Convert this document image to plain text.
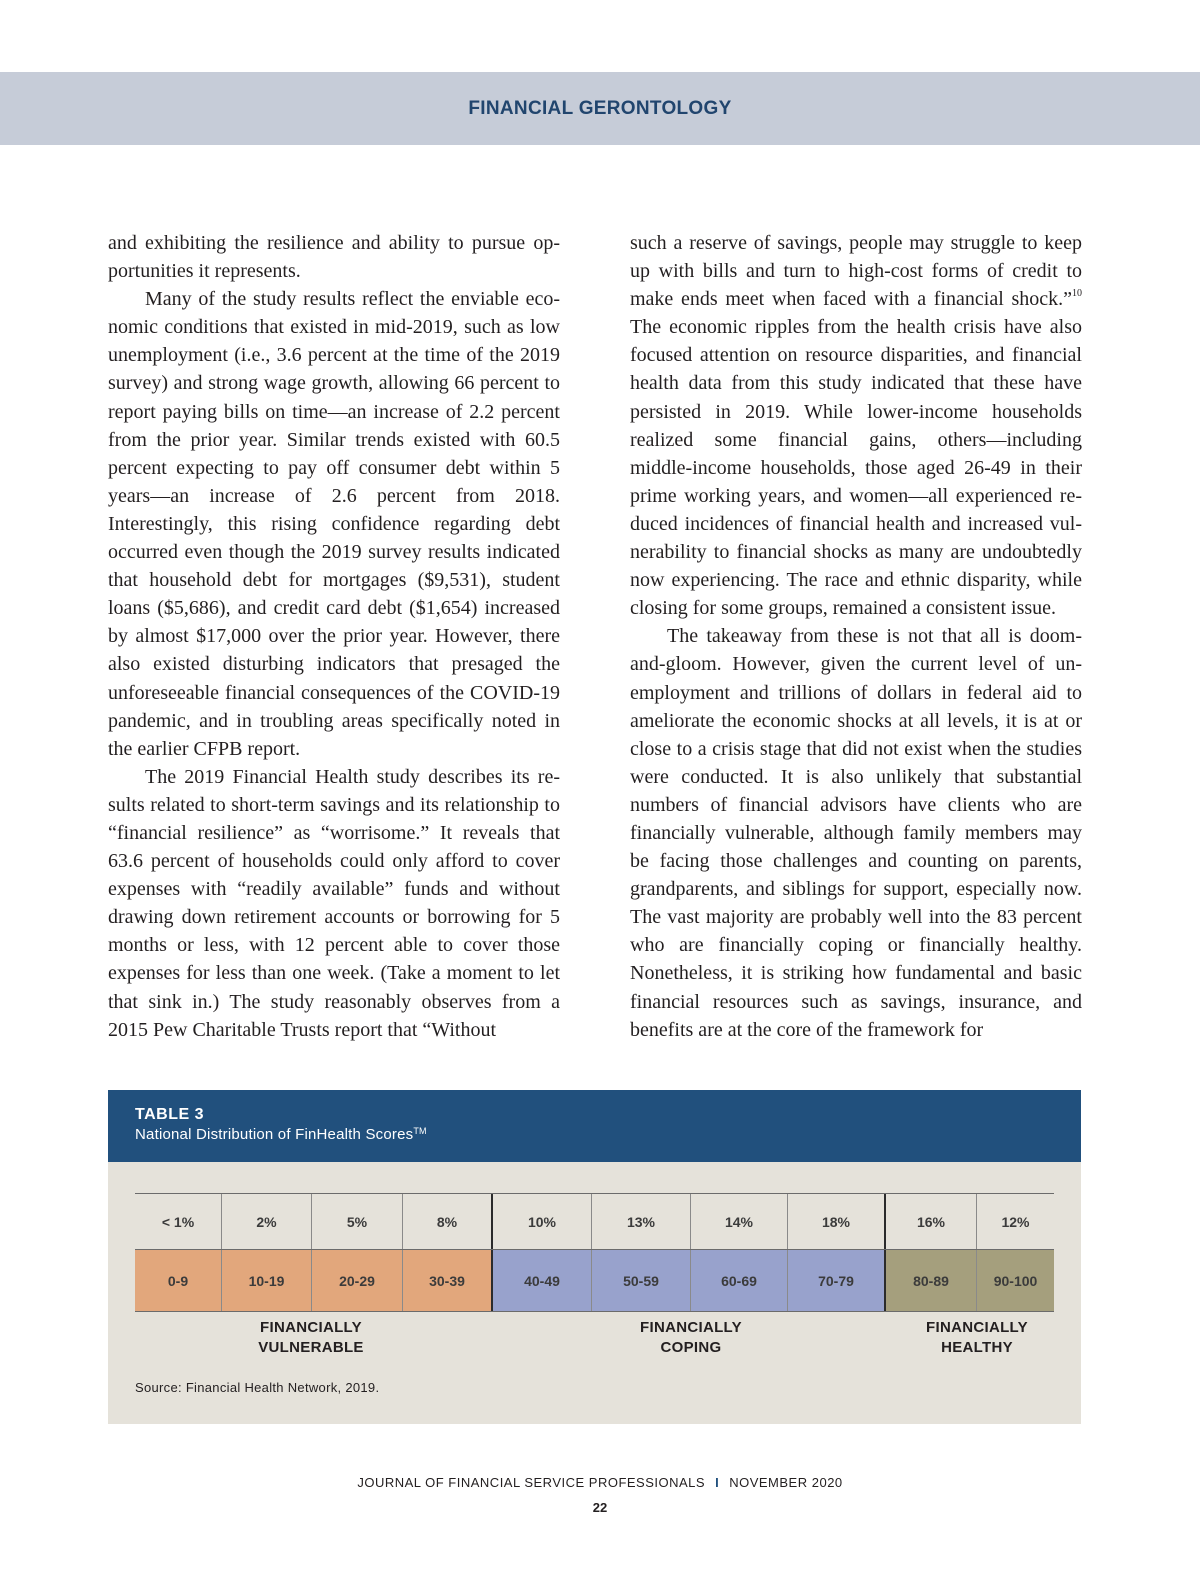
FINANCIAL GERONTOLOGY

and exhibiting the resilience and ability to pursue opportunities it represents.

Many of the study results reflect the enviable economic conditions that existed in mid-2019, such as low unemployment (i.e., 3.6 percent at the time of the 2019 survey) and strong wage growth, allowing 66 percent to report paying bills on time—an increase of 2.2 percent from the prior year. Similar trends existed with 60.5 percent expecting to pay off consumer debt within 5 years—an increase of 2.6 percent from 2018. Interestingly, this rising confidence regarding debt occurred even though the 2019 survey results indicated that household debt for mortgages ($9,531), student loans ($5,686), and credit card debt ($1,654) increased by almost $17,000 over the prior year. However, there also existed disturbing indicators that presaged the unforeseeable financial consequences of the COVID-19 pandemic, and in troubling areas specifically noted in the earlier CFPB report.

The 2019 Financial Health study describes its results related to short-term savings and its relationship to “financial resilience” as “worrisome.” It reveals that 63.6 percent of households could only afford to cover expenses with “readily available” funds and without drawing down retirement accounts or borrowing for 5 months or less, with 12 percent able to cover those expenses for less than one week. (Take a moment to let that sink in.) The study reasonably observes from a 2015 Pew Charitable Trusts report that “Without

such a reserve of savings, people may struggle to keep up with bills and turn to high-cost forms of credit to make ends meet when faced with a financial shock.”$^{10}$ The economic ripples from the health crisis have also focused attention on resource disparities, and financial health data from this study indicated that these have persisted in 2019. While lower-income households realized some financial gains, others—including middle-income households, those aged 26-49 in their prime working years, and women—all experienced reduced incidences of financial health and increased vulnerability to financial shocks as many are undoubtedly now experiencing. The race and ethnic disparity, while closing for some groups, remained a consistent issue.

The takeaway from these is not that all is doom-and-gloom. However, given the current level of unemployment and trillions of dollars in federal aid to ameliorate the economic shocks at all levels, it is at or close to a crisis stage that did not exist when the studies were conducted. It is also unlikely that substantial numbers of financial advisors have clients who are financially vulnerable, although family members may be facing those challenges and counting on parents, grandparents, and siblings for support, especially now. The vast majority are probably well into the 83 percent who are financially coping or financially healthy. Nonetheless, it is striking how fundamental and basic financial resources such as savings, insurance, and benefits are at the core of the framework for

TABLE 3
National Distribution of FinHealth Scores™
< 1%	2%	5%	8%	10%	13%	14%	18%	16%	12%
0-9	10-19	20-29	30-39	40-49	50-59	60-69	70-79	80-89	90-100
FINANCIALLY
VULNERABLE
FINANCIALLY
COPING
FINANCIALLY
HEALTHY
Source: Financial Health Network, 2019.
JOURNAL OF FINANCIAL SERVICE PROFESSIONALS I NOVEMBER 2020
22
